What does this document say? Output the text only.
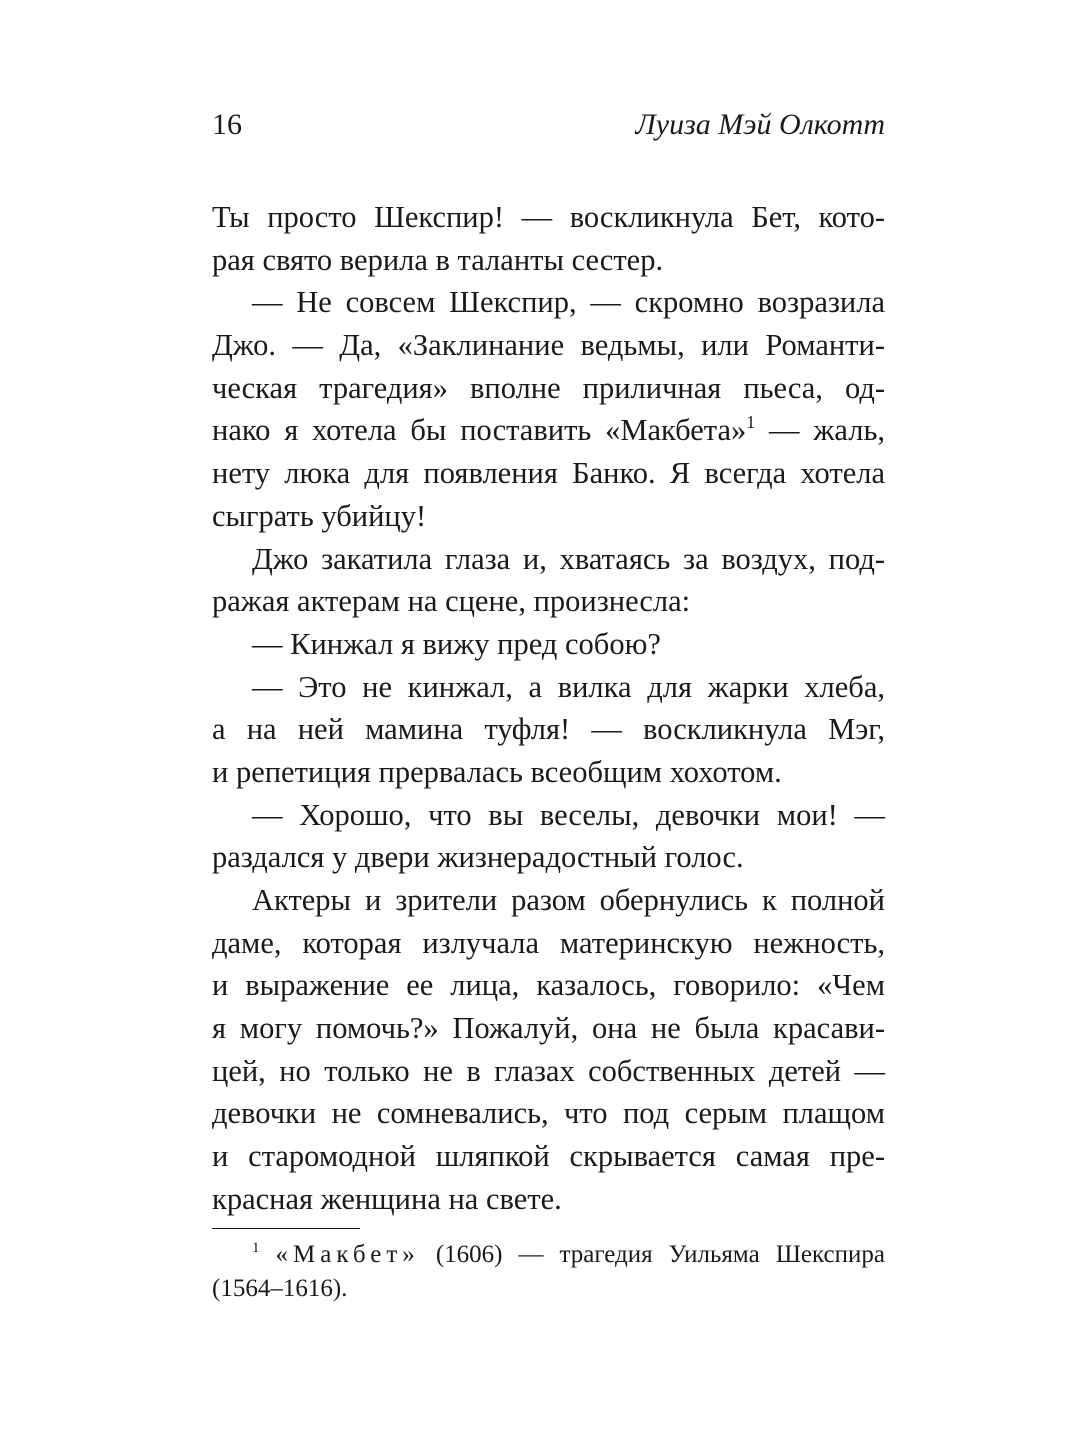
16	Луиза Мэй Олкотт
Ты просто Шекспир! — воскликнула Бет, кото-
рая свято верила в таланты сестер.
— Не совсем Шекспир, — скромно возразила
Джо. — Да, «Заклинание ведьмы, или Романти-
ческая трагедия» вполне приличная пьеса, од-
нако я хотела бы поставить «Макбета»$^1$ — жаль,
нету люка для появления Банко. Я всегда хотела
сыграть убийцу!
Джо закатила глаза и, хватаясь за воздух, под-
ражая актерам на сцене, произнесла:
— Кинжал я вижу пред собою?
— Это не кинжал, а вилка для жарки хлеба,
а на ней мамина туфля! — воскликнула Мэг,
и репетиция прервалась всеобщим хохотом.
— Хорошо, что вы веселы, девочки мои! —
раздался у двери жизнерадостный голос.
Актеры и зрители разом обернулись к полной
даме, которая излучала материнскую нежность,
и выражение ее лица, казалось, говорило: «Чем
я могу помочь?» Пожалуй, она не была красави-
цей, но только не в глазах собственных детей —
девочки не сомневались, что под серым плащом
и старомодной шляпкой скрывается самая пре-
красная женщина на свете.
$^1$ «Макбет» (1606) — трагедия Уильяма Шекспира
(1564–1616).
